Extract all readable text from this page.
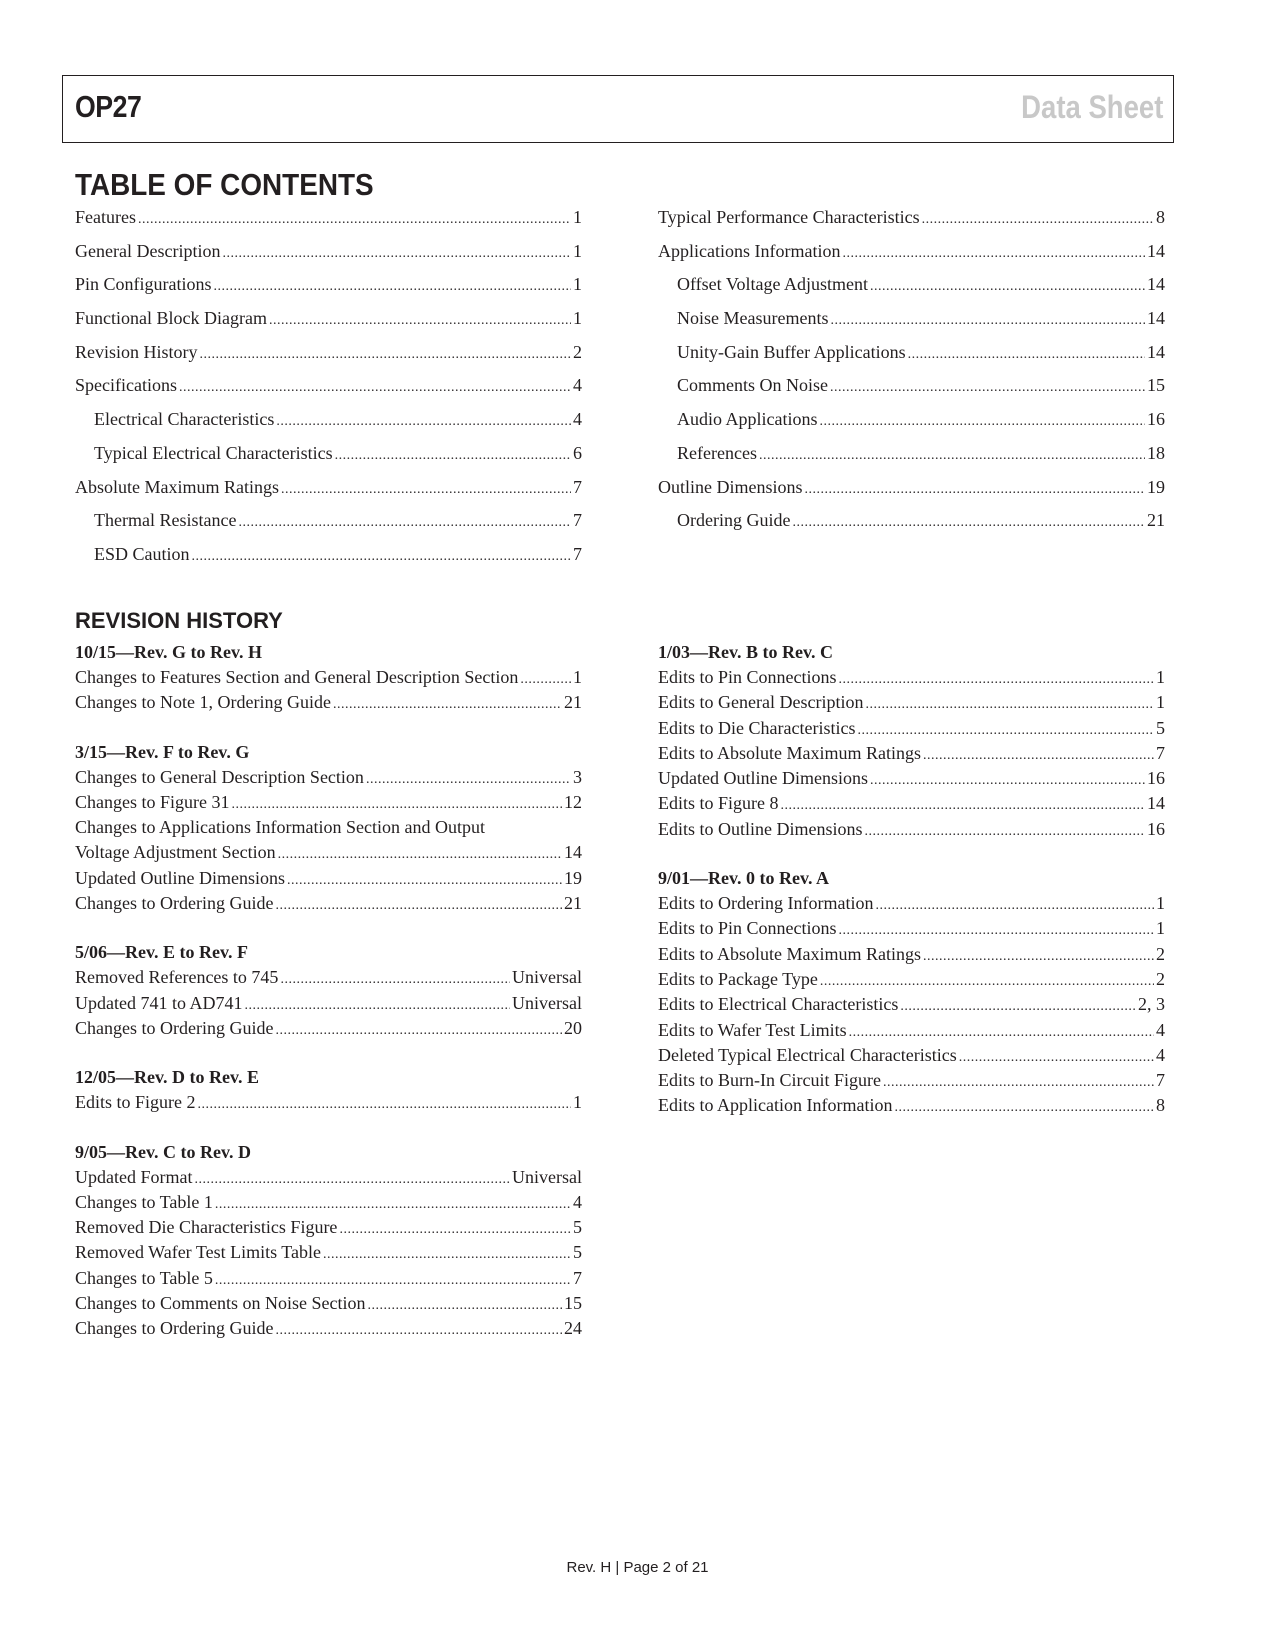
OP27	Data Sheet
TABLE OF CONTENTS
Features .....	1
General Description .....	1
Pin Configurations .....	1
Functional Block Diagram .....	1
Revision History .....	2
Specifications .....	4
Electrical Characteristics .....	4
Typical Electrical Characteristics .....	6
Absolute Maximum Ratings .....	7
Thermal Resistance .....	7
ESD Caution .....	7
Typical Performance Characteristics .....	8
Applications Information .....	14
Offset Voltage Adjustment .....	14
Noise Measurements .....	14
Unity-Gain Buffer Applications .....	14
Comments On Noise .....	15
Audio Applications .....	16
References .....	18
Outline Dimensions .....	19
Ordering Guide .....	21
REVISION HISTORY
10/15—Rev. G to Rev. H
Changes to Features Section and General Description Section .....	1
Changes to Note 1, Ordering Guide .....	21
3/15—Rev. F to Rev. G
Changes to General Description Section .....	3
Changes to Figure 31 .....	12
Changes to Applications Information Section and Output
Voltage Adjustment Section .....	14
Updated Outline Dimensions .....	19
Changes to Ordering Guide .....	21
5/06—Rev. E to Rev. F
Removed References to 745 .....	Universal
Updated 741 to AD741 .....	Universal
Changes to Ordering Guide .....	20
12/05—Rev. D to Rev. E
Edits to Figure 2 .....	1
9/05—Rev. C to Rev. D
Updated Format .....	Universal
Changes to Table 1 .....	4
Removed Die Characteristics Figure .....	5
Removed Wafer Test Limits Table .....	5
Changes to Table 5 .....	7
Changes to Comments on Noise Section .....	15
Changes to Ordering Guide .....	24
1/03—Rev. B to Rev. C
Edits to Pin Connections .....	1
Edits to General Description .....	1
Edits to Die Characteristics .....	5
Edits to Absolute Maximum Ratings .....	7
Updated Outline Dimensions .....	16
Edits to Figure 8 .....	14
Edits to Outline Dimensions .....	16
9/01—Rev. 0 to Rev. A
Edits to Ordering Information .....	1
Edits to Pin Connections .....	1
Edits to Absolute Maximum Ratings .....	2
Edits to Package Type .....	2
Edits to Electrical Characteristics .....	2, 3
Edits to Wafer Test Limits .....	4
Deleted Typical Electrical Characteristics .....	4
Edits to Burn-In Circuit Figure .....	7
Edits to Application Information .....	8
Rev. H | Page 2 of 21
